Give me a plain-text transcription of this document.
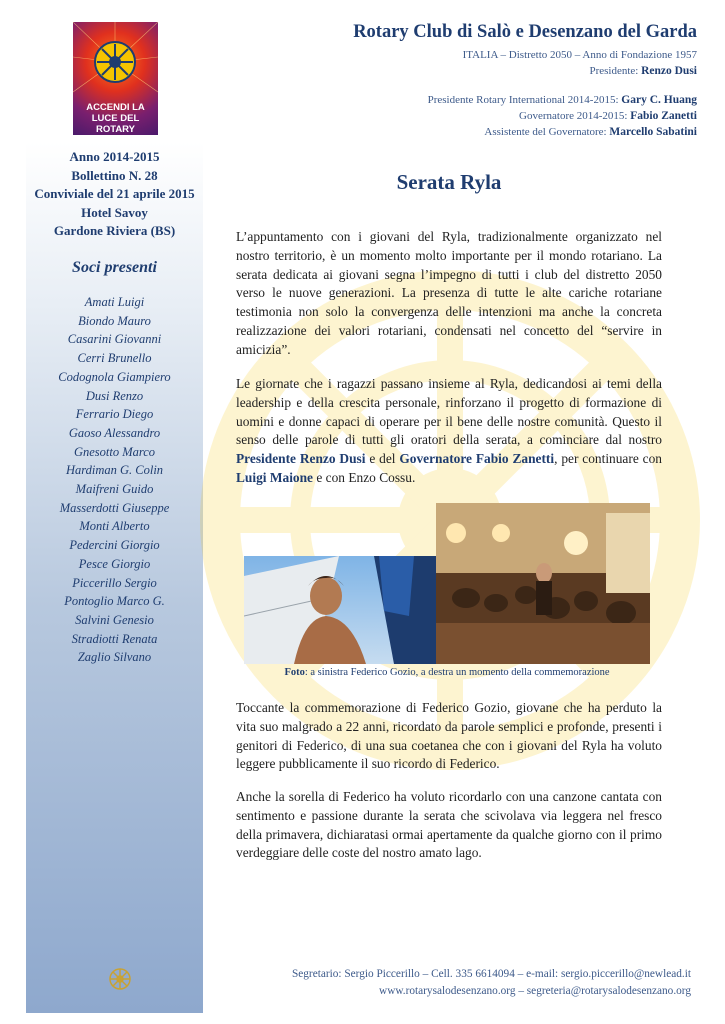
ACCENDI LA
LUCE DEL ROTARY
Anno 2014-2015
Bollettino N. 28
Conviviale del 21 aprile 2015
Hotel Savoy
Gardone Riviera (BS)
Soci presenti
Amati Luigi
Biondo Mauro
Casarini Giovanni
Cerri Brunello
Codognola Giampiero
Dusi Renzo
Ferrario Diego
Gaoso Alessandro
Gnesotto Marco
Hardiman G. Colin
Maifreni Guido
Masserdotti Giuseppe
Monti Alberto
Pedercini Giorgio
Pesce Giorgio
Piccerillo Sergio
Pontoglio Marco G.
Salvini Genesio
Stradiotti Renata
Zaglio Silvano
Rotary Club di Salò e Desenzano del Garda
ITALIA – Distretto 2050 – Anno di Fondazione 1957
Presidente: Renzo Dusi
Presidente Rotary International 2014-2015: Gary C. Huang
Governatore 2014-2015: Fabio Zanetti
Assistente del Governatore: Marcello Sabatini
Serata Ryla
L’appuntamento con i giovani del Ryla, tradizionalmente organizzato nel nostro territorio, è un momento molto importante per il mondo rotariano. La serata dedicata ai giovani segna l’impegno di tutti i club del distretto 2050 verso le nuove generazioni. La presenza di tutte le alte cariche rotariane testimonia non solo la convergenza delle intenzioni ma anche la concreta realizzazione dei valori rotariani, condensati nel concetto del “servire in amicizia”.
Le giornate che i ragazzi passano insieme al Ryla, dedicandosi ai temi della leadership e della crescita personale, rinforzano il progetto di formazione di uomini e donne capaci di operare per il bene delle nostre comunità. Questo il senso delle parole di tutti gli oratori della serata, a cominciare dal nostro Presidente Renzo Dusi e del Governatore Fabio Zanetti, per continuare con Luigi Maione e con Enzo Cossu.
Foto: a sinistra Federico Gozio, a destra un momento della commemorazione
Toccante la commemorazione di Federico Gozio, giovane che ha perduto la vita suo malgrado a 22 anni, ricordato da parole semplici e profonde, presenti i genitori di Federico, di una sua coetanea che con i giovani del Ryla ha voluto leggere pubblicamente il suo ricordo di Federico.
Anche la sorella di Federico ha voluto ricordarlo con una canzone cantata con sentimento e passione durante la serata che scivolava via leggera nel fresco della primavera, dichiaratasi ormai apertamente da qualche giorno con il primo verdeggiare delle coste del nostro amato lago.
Segretario: Sergio Piccerillo – Cell. 335 6614094 – e-mail: sergio.piccerillo@newlead.it
www.rotarysalodesenzano.org – segreteria@rotarysalodesenzano.org
